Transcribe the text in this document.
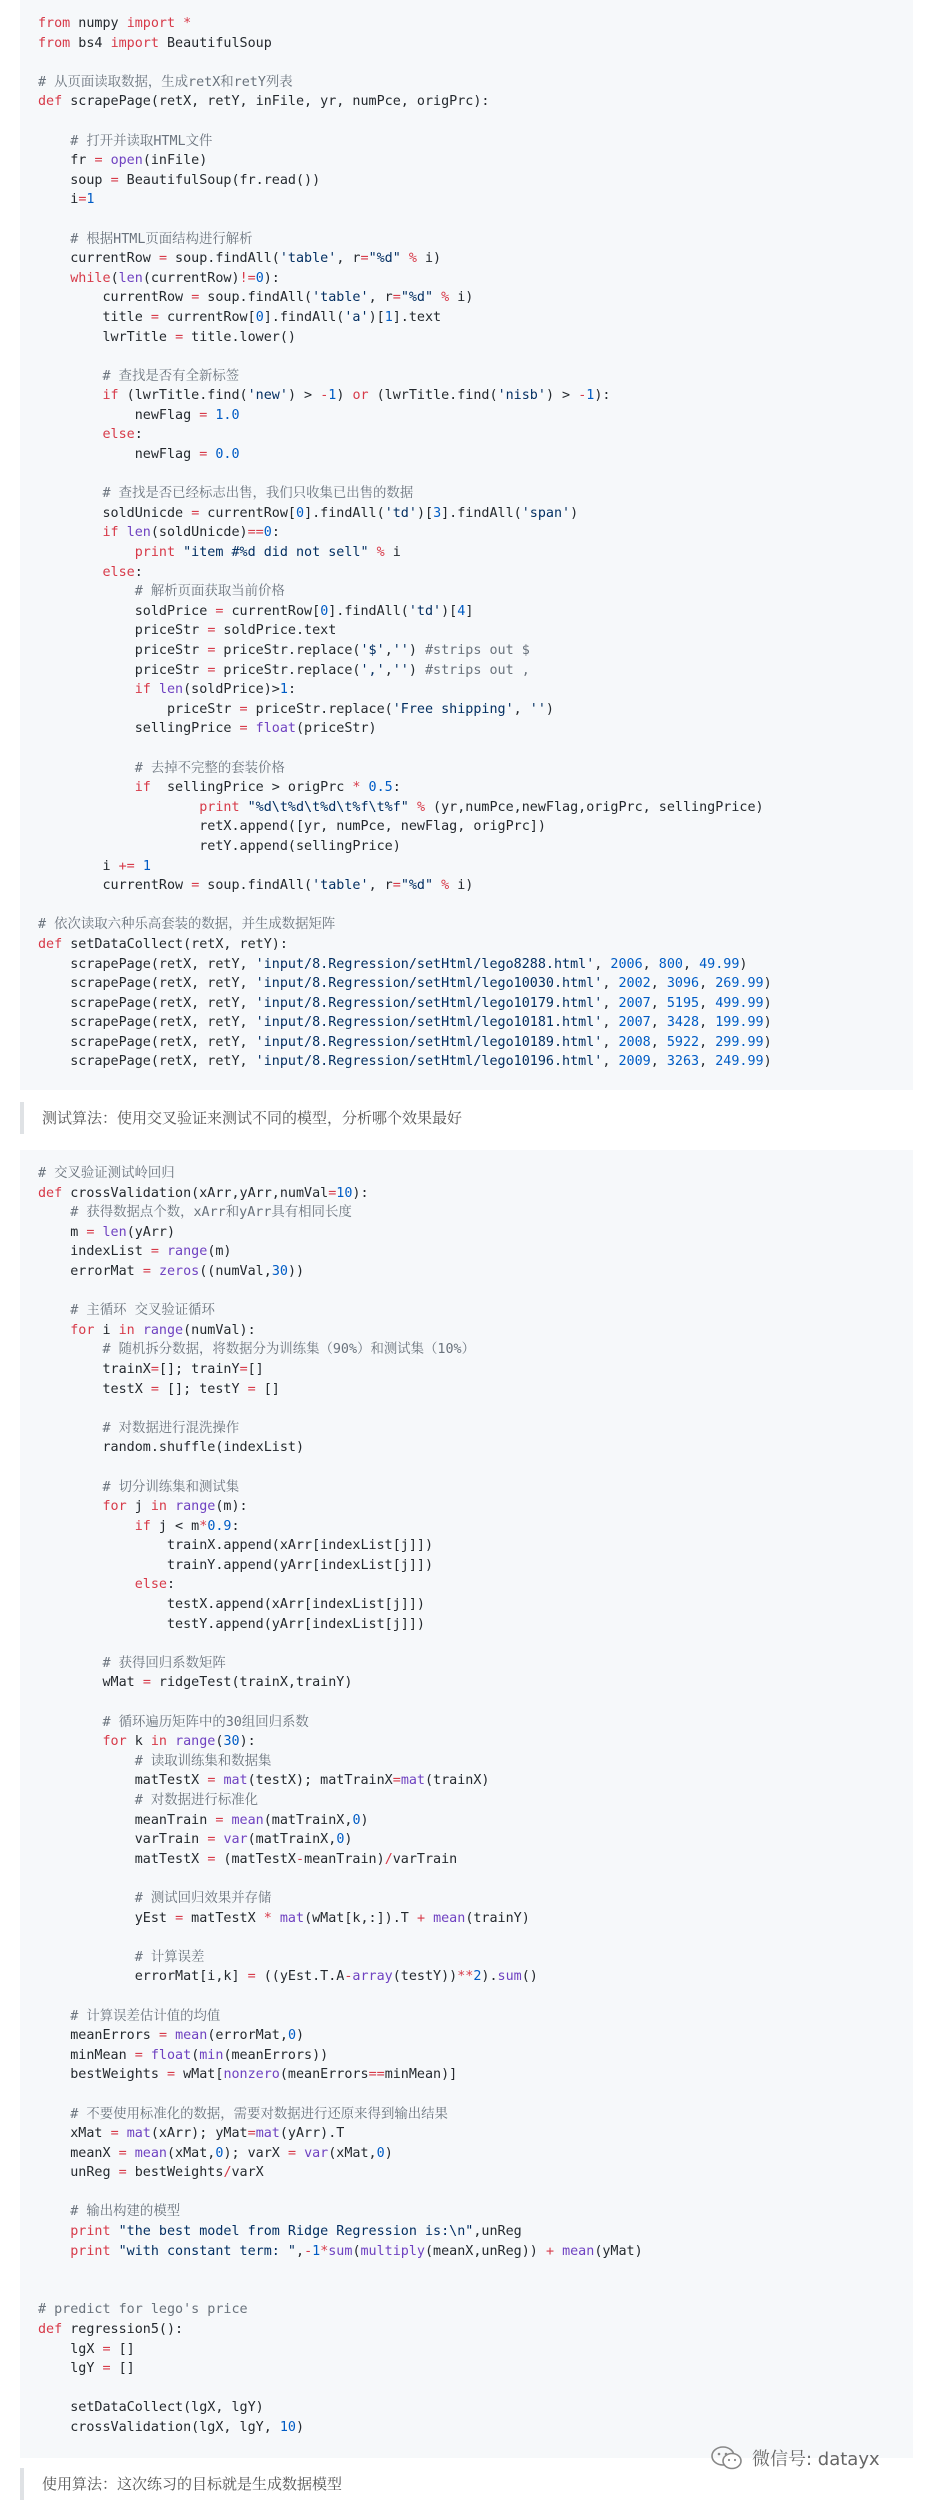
from numpy import *
from bs4 import BeautifulSoup

# 从页面读取数据，生成retX和retY列表
def scrapePage(retX, retY, inFile, yr, numPce, origPrc):

# 打开并读取HTML文件
fr = open(inFile)
soup = BeautifulSoup(fr.read())
i=1

# 根据HTML页面结构进行解析
currentRow = soup.findAll('table', r="%d" % i)
while(len(currentRow)!=0):
currentRow = soup.findAll('table', r="%d" % i)
title = currentRow[0].findAll('a')[1].text
lwrTitle = title.lower()

# 查找是否有全新标签
if (lwrTitle.find('new') > -1) or (lwrTitle.find('nisb') > -1):
newFlag = 1.0
else:
newFlag = 0.0

# 查找是否已经标志出售，我们只收集已出售的数据
soldUnicde = currentRow[0].findAll('td')[3].findAll('span')
if len(soldUnicde)==0:
print "item #%d did not sell" % i
else:
# 解析页面获取当前价格
soldPrice = currentRow[0].findAll('td')[4]
priceStr = soldPrice.text
priceStr = priceStr.replace('$','') #strips out $
priceStr = priceStr.replace(',','') #strips out ,
if len(soldPrice)>1:
priceStr = priceStr.replace('Free shipping', '')
sellingPrice = float(priceStr)

# 去掉不完整的套装价格
if  sellingPrice > origPrc * 0.5:
print "%d\t%d\t%d\t%f\t%f" % (yr,numPce,newFlag,origPrc, sellingPrice)
retX.append([yr, numPce, newFlag, origPrc])
retY.append(sellingPrice)
i += 1
currentRow = soup.findAll('table', r="%d" % i)

# 依次读取六种乐高套装的数据，并生成数据矩阵
def setDataCollect(retX, retY):
scrapePage(retX, retY, 'input/8.Regression/setHtml/lego8288.html', 2006, 800, 49.99)
scrapePage(retX, retY, 'input/8.Regression/setHtml/lego10030.html', 2002, 3096, 269.99)
scrapePage(retX, retY, 'input/8.Regression/setHtml/lego10179.html', 2007, 5195, 499.99)
scrapePage(retX, retY, 'input/8.Regression/setHtml/lego10181.html', 2007, 3428, 199.99)
scrapePage(retX, retY, 'input/8.Regression/setHtml/lego10189.html', 2008, 5922, 299.99)
scrapePage(retX, retY, 'input/8.Regression/setHtml/lego10196.html', 2009, 3263, 249.99)
测试算法：使用交叉验证来测试不同的模型，分析哪个效果最好
# 交叉验证测试岭回归
def crossValidation(xArr,yArr,numVal=10):
# 获得数据点个数，xArr和yArr具有相同长度
m = len(yArr)
indexList = range(m)
errorMat = zeros((numVal,30))

# 主循环 交叉验证循环
for i in range(numVal):
# 随机拆分数据，将数据分为训练集（90%）和测试集（10%）
trainX=[]; trainY=[]
testX = []; testY = []

# 对数据进行混洗操作
random.shuffle(indexList)

# 切分训练集和测试集
for j in range(m):
if j < m*0.9:
trainX.append(xArr[indexList[j]])
trainY.append(yArr[indexList[j]])
else:
testX.append(xArr[indexList[j]])
testY.append(yArr[indexList[j]])

# 获得回归系数矩阵
wMat = ridgeTest(trainX,trainY)

# 循环遍历矩阵中的30组回归系数
for k in range(30):
# 读取训练集和数据集
matTestX = mat(testX); matTrainX=mat(trainX)
# 对数据进行标准化
meanTrain = mean(matTrainX,0)
varTrain = var(matTrainX,0)
matTestX = (matTestX-meanTrain)/varTrain

# 测试回归效果并存储
yEst = matTestX * mat(wMat[k,:]).T + mean(trainY)

# 计算误差
errorMat[i,k] = ((yEst.T.A-array(testY))**2).sum()

# 计算误差估计值的均值
meanErrors = mean(errorMat,0)
minMean = float(min(meanErrors))
bestWeights = wMat[nonzero(meanErrors==minMean)]

# 不要使用标准化的数据，需要对数据进行还原来得到输出结果
xMat = mat(xArr); yMat=mat(yArr).T
meanX = mean(xMat,0); varX = var(xMat,0)
unReg = bestWeights/varX

# 输出构建的模型
print "the best model from Ridge Regression is:\n",unReg
print "with constant term: ",-1*sum(multiply(meanX,unReg)) + mean(yMat)

# predict for lego's price
def regression5():
lgX = []
lgY = []

setDataCollect(lgX, lgY)
crossValidation(lgX, lgY, 10)
使用算法：这次练习的目标就是生成数据模型
微信号: datayx
